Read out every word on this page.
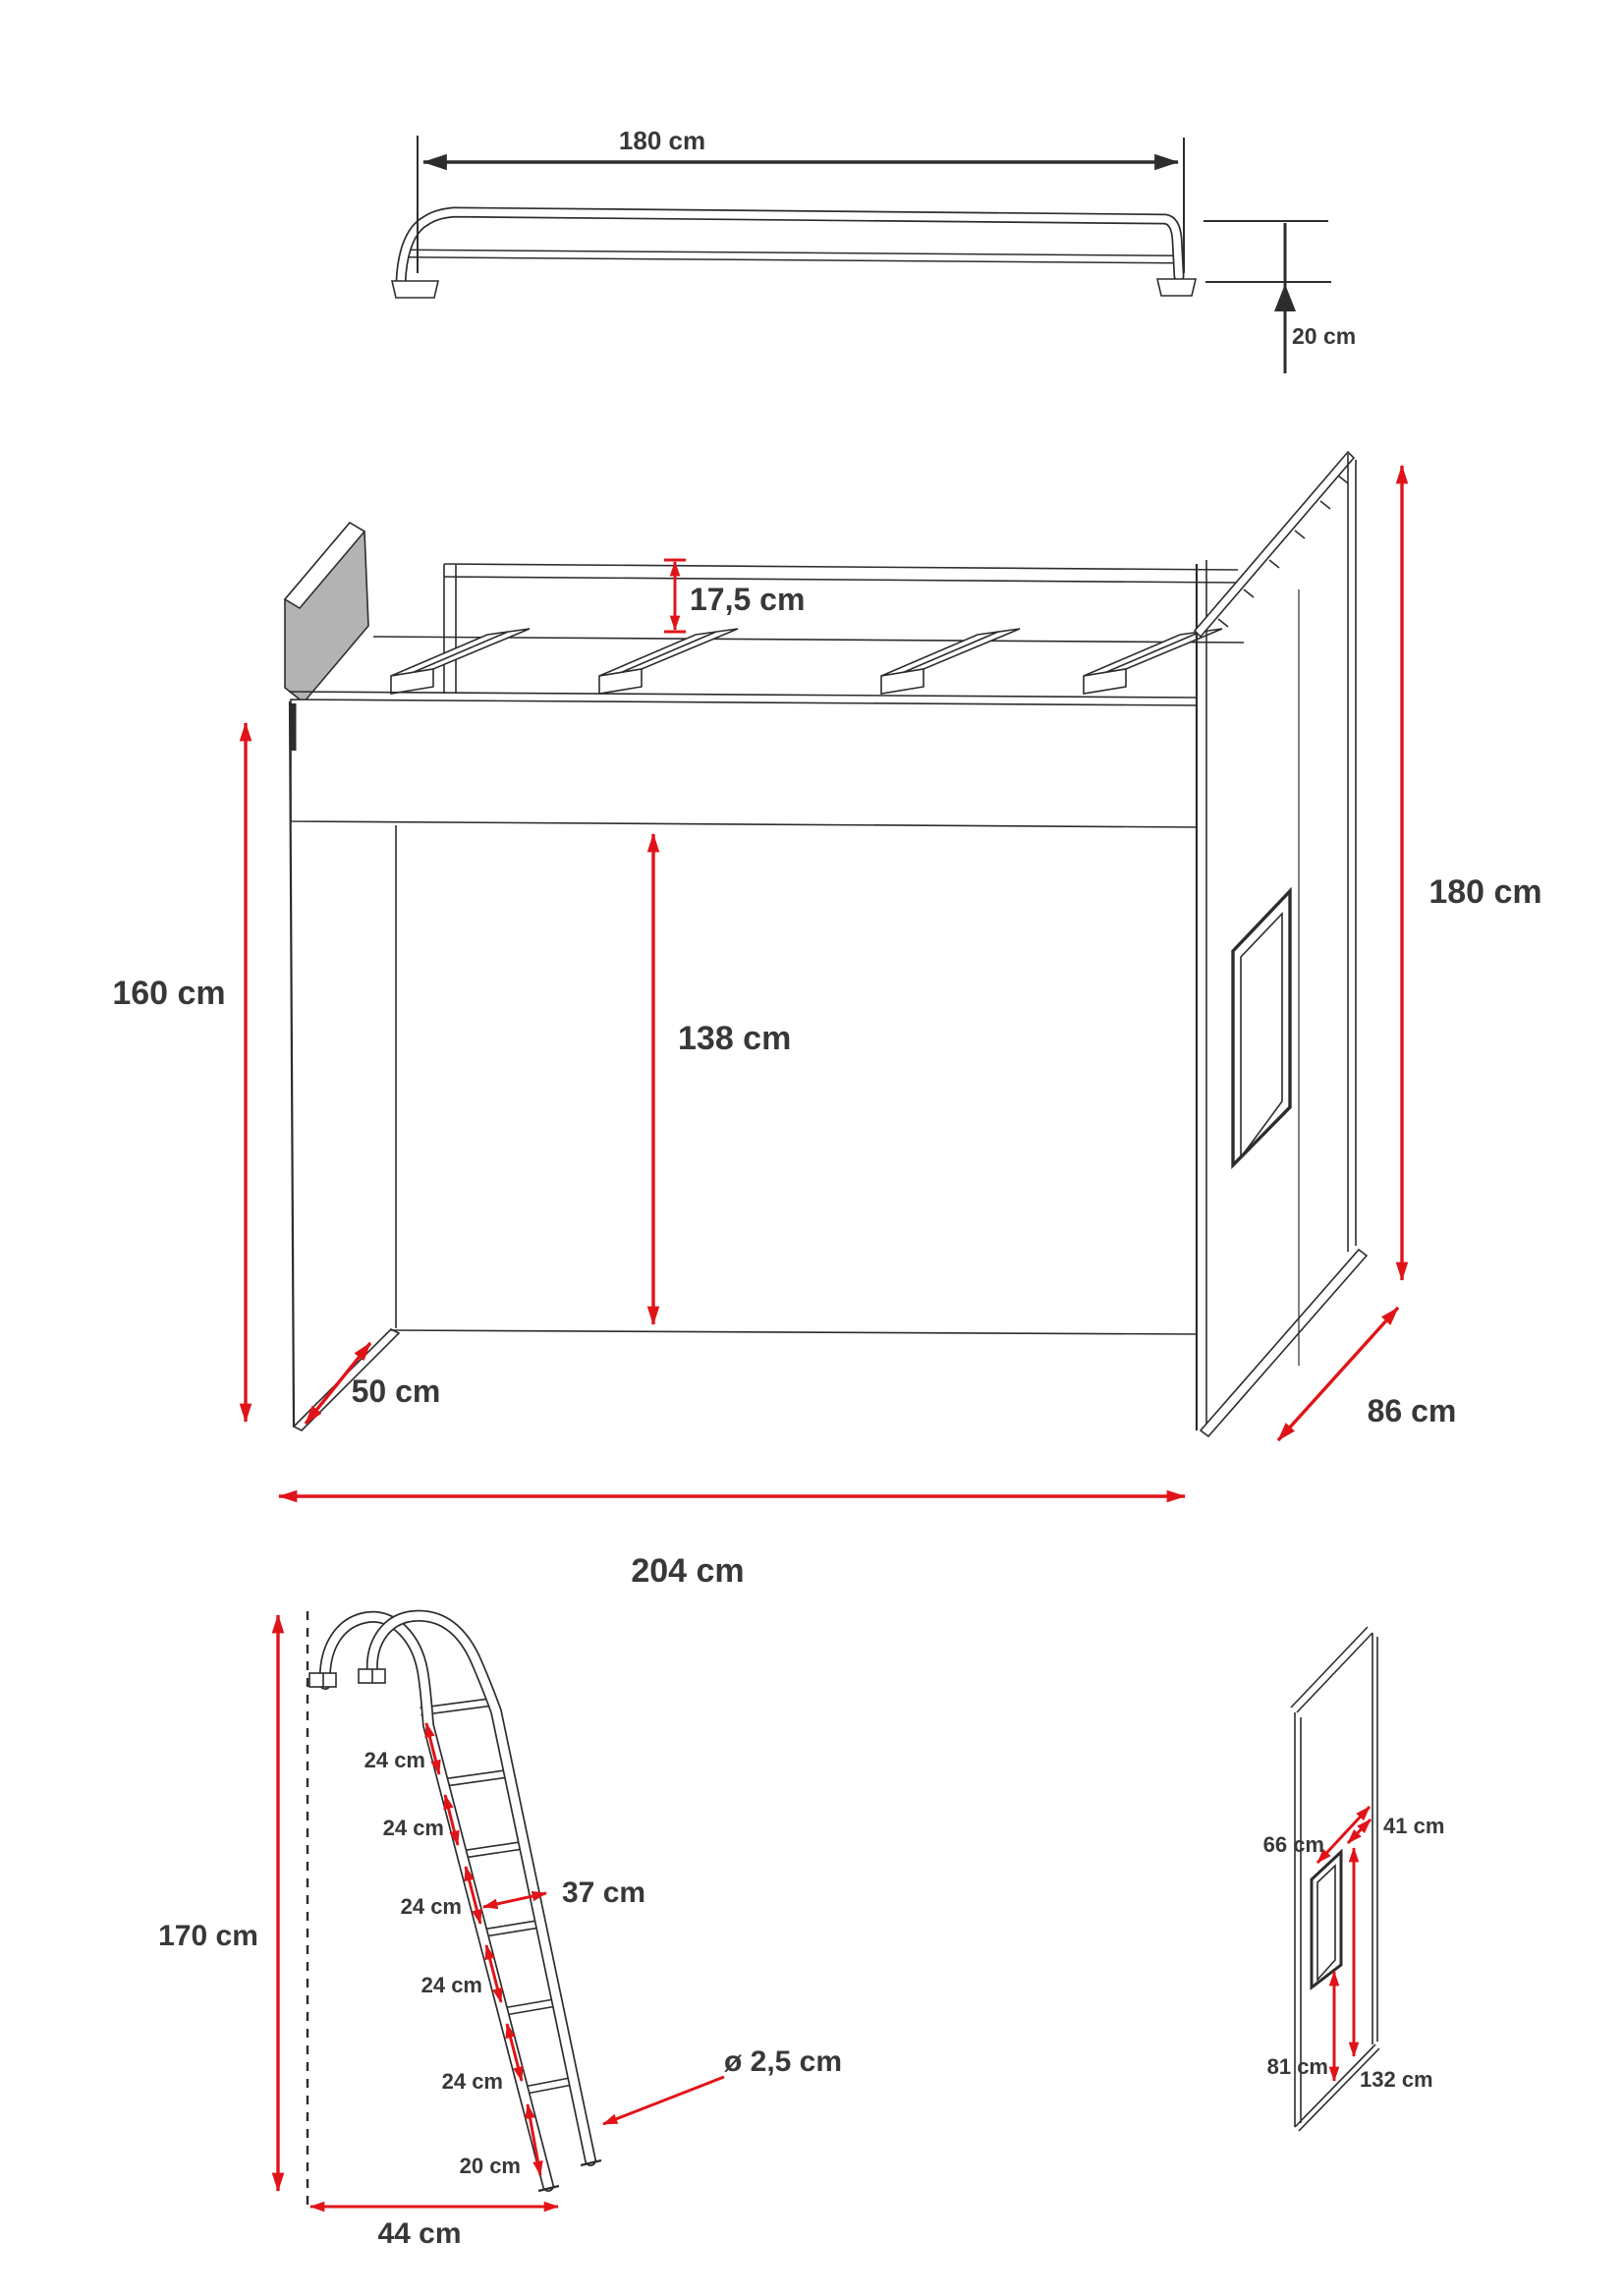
180 cm
20 cm
17,5 cm
160 cm
138 cm
180 cm
50 cm
86 cm
204 cm
170 cm
24 cm
24 cm
24 cm
24 cm
24 cm
20 cm
37 cm
ø 2,5 cm
44 cm
66 cm
41 cm
81 cm
132 cm
